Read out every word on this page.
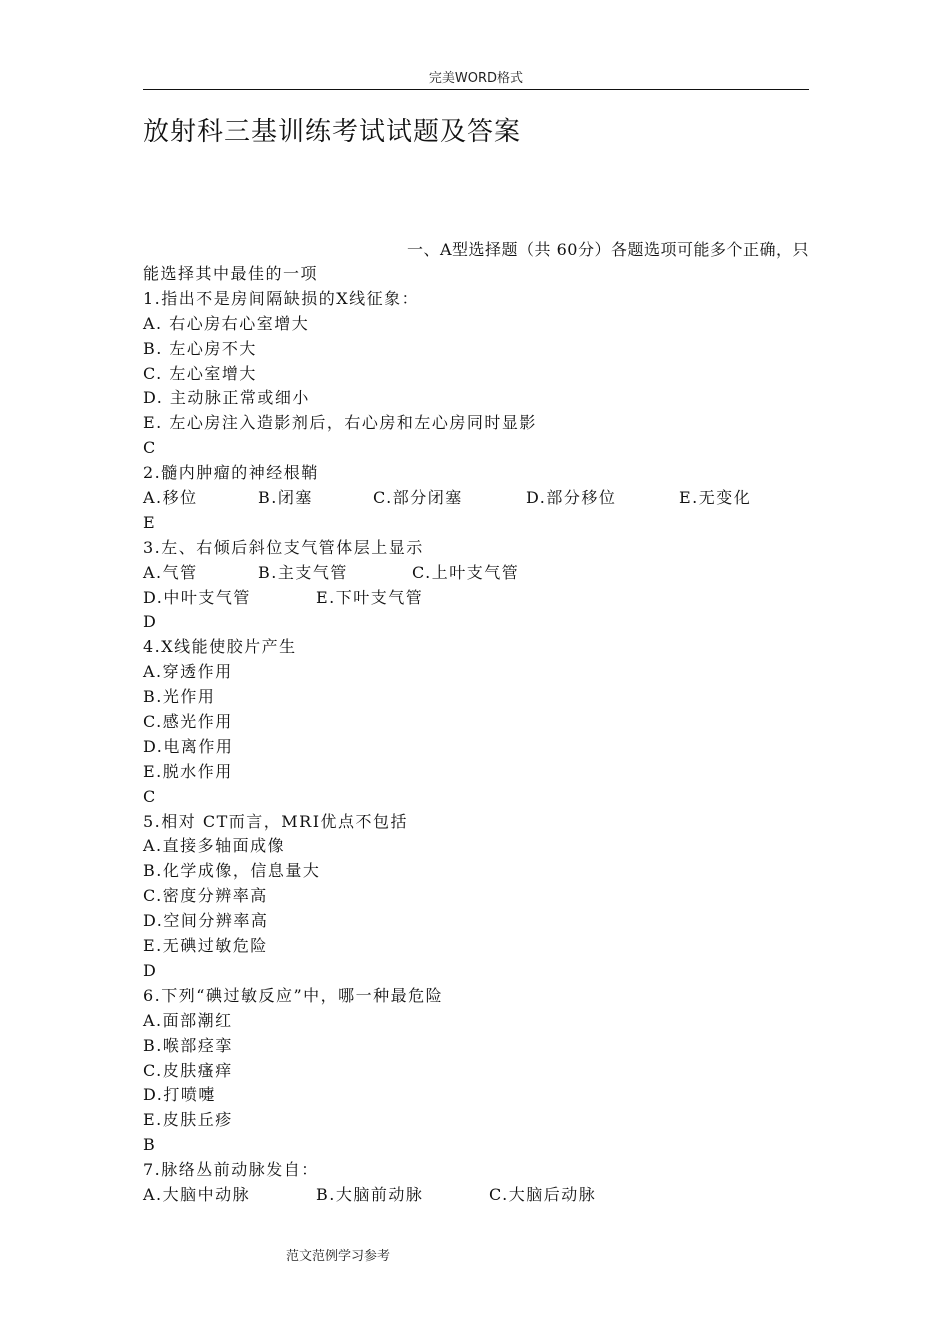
完美WORD格式
放射科三基训练考试试题及答案
一、A型选择题（共 60分）各题选项可能多个正确，只
能选择其中最佳的一项
1.指出不是房间隔缺损的X线征象：
A. 右心房右心室增大
B. 左心房不大
C. 左心室增大
D. 主动脉正常或细小
E. 左心房注入造影剂后，右心房和左心房同时显影
C
2.髓内肿瘤的神经根鞘
A.移位	B.闭塞	C.部分闭塞	D.部分移位	E.无变化
E
3.左、右倾后斜位支气管体层上显示
A.气管	B.主支气管	C.上叶支气管
D.中叶支气管	E.下叶支气管
D
4.X线能使胶片产生
A.穿透作用
B.光作用
C.感光作用
D.电离作用
E.脱水作用
C
5.相对 CT而言，MRI优点不包括
A.直接多轴面成像
B.化学成像，信息量大
C.密度分辨率高
D.空间分辨率高
E.无碘过敏危险
D
6.下列“碘过敏反应”中，哪一种最危险
A.面部潮红
B.喉部痉挛
C.皮肤瘙痒
D.打喷嚏
E.皮肤丘疹
B
7.脉络丛前动脉发自：
A.大脑中动脉	B.大脑前动脉	C.大脑后动脉
范文范例学习参考
